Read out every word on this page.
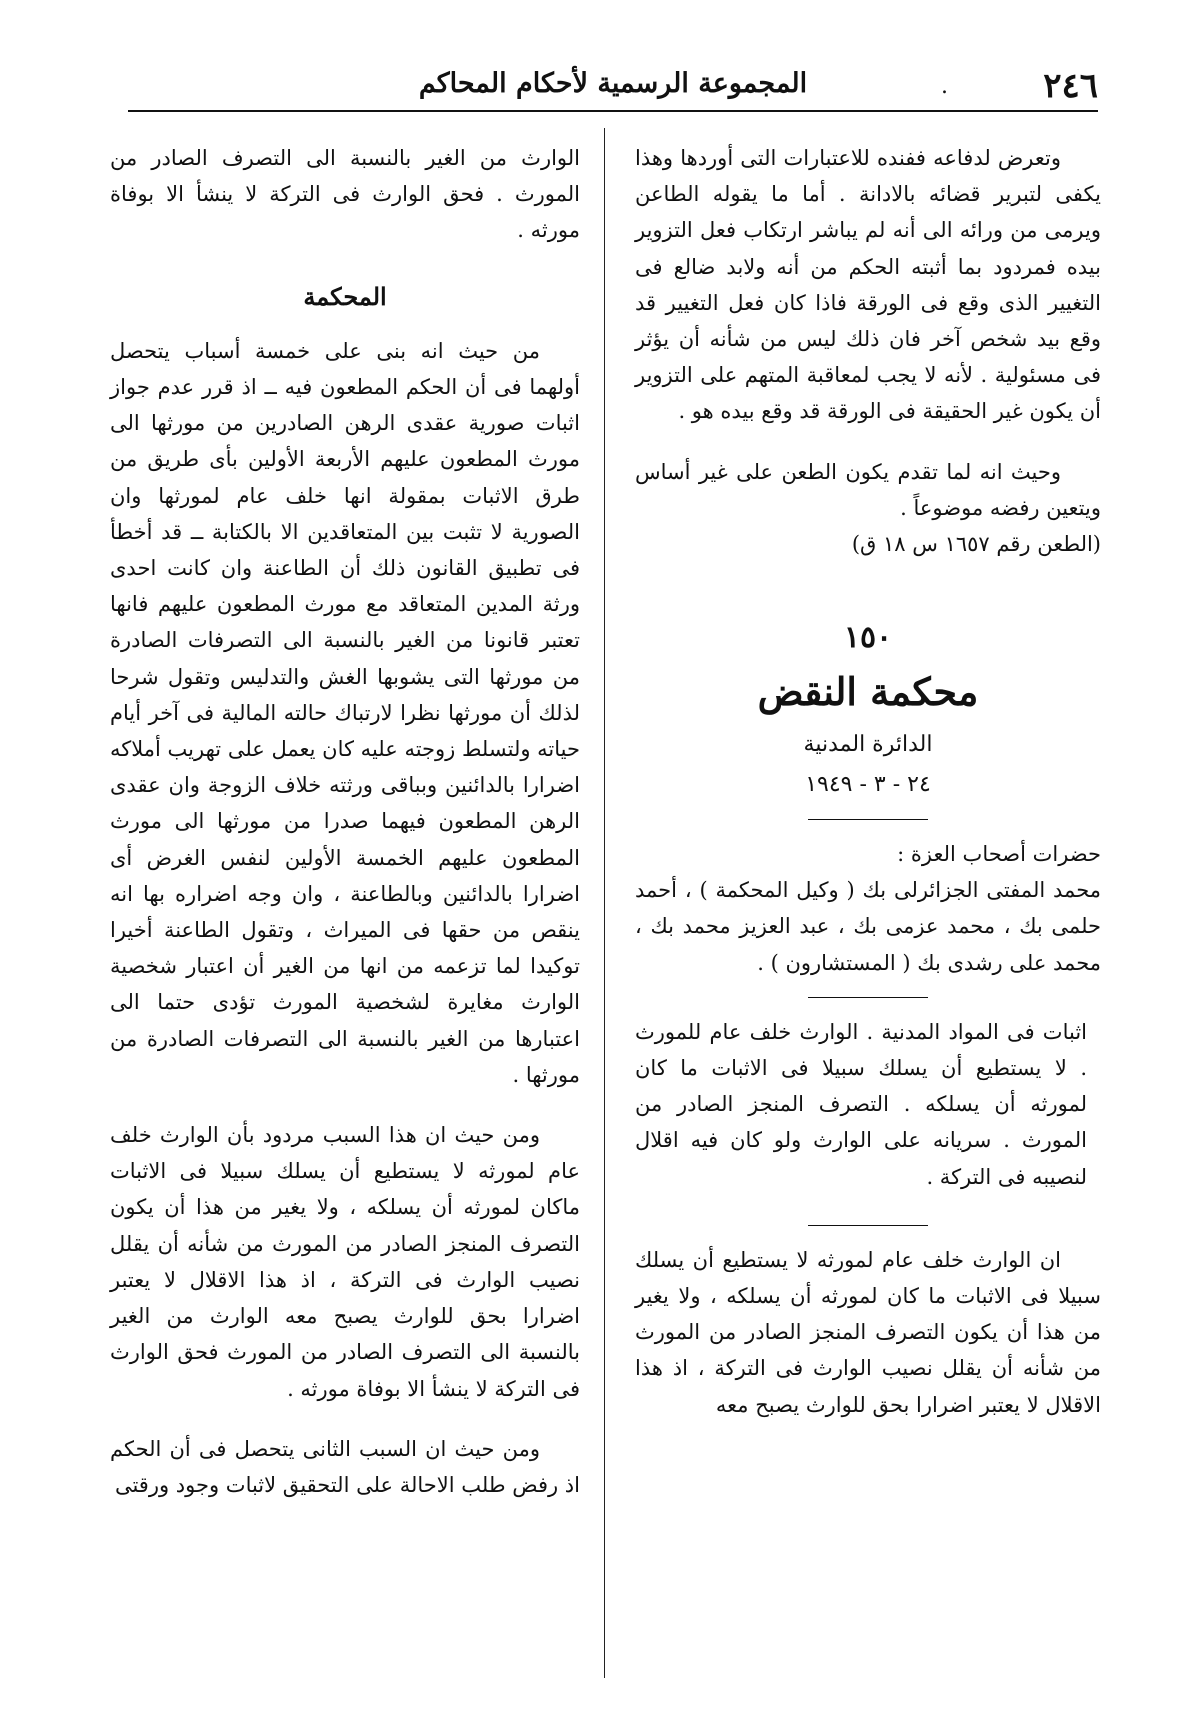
٢٤٦
.
المجموعة الرسمية لأحكام المحاكم

وتعرض لدفاعه ففنده للاعتبارات التى أوردها وهذا يكفى لتبرير قضائه بالادانة . أما ما يقوله الطاعن ويرمى من ورائه الى أنه لم يباشر ارتكاب فعل التزوير بيده فمردود بما أثبته الحكم من أنه ولابد ضالع فى التغيير الذى وقع فى الورقة فاذا كان فعل التغيير قد وقع بيد شخص آخر فان ذلك ليس من شأنه أن يؤثر فى مسئولية . لأنه لا يجب لمعاقبة المتهم على التزوير أن يكون غير الحقيقة فى الورقة قد وقع بيده هو .

وحيث انه لما تقدم يكون الطعن على غير أساس ويتعين رفضه موضوعاً .

(الطعن رقم ١٦٥٧ س ١٨ ق)

١٥٠
محكمة النقض
الدائرة المدنية
٢٤ - ٣ - ١٩٤٩

حضرات أصحاب العزة :

محمد المفتى الجزائرلى بك ( وكيل المحكمة ) ، أحمد حلمى بك ، محمد عزمى بك ، عبد العزيز محمد بك ، محمد على رشدى بك ( المستشارون ) .

اثبات فى المواد المدنية . الوارث خلف عام للمورث . لا يستطيع أن يسلك سبيلا فى الاثبات ما كان لمورثه أن يسلكه . التصرف المنجز الصادر من المورث . سريانه على الوارث ولو كان فيه اقلال لنصيبه فى التركة .

ان الوارث خلف عام لمورثه لا يستطيع أن يسلك سبيلا فى الاثبات ما كان لمورثه أن يسلكه ، ولا يغير من هذا أن يكون التصرف المنجز الصادر من المورث من شأنه أن يقلل نصيب الوارث فى التركة ، اذ هذا الاقلال لا يعتبر اضرارا بحق للوارث يصبح معه

الوارث من الغير بالنسبة الى التصرف الصادر من المورث . فحق الوارث فى التركة لا ينشأ الا بوفاة مورثه .

المحكمة

من حيث انه بنى على خمسة أسباب يتحصل أولهما فى أن الحكم المطعون فيه ــ اذ قرر عدم جواز اثبات صورية عقدى الرهن الصادرين من مورثها الى مورث المطعون عليهم الأربعة الأولين بأى طريق من طرق الاثبات بمقولة انها خلف عام لمورثها وان الصورية لا تثبت بين المتعاقدين الا بالكتابة ــ قد أخطأ فى تطبيق القانون ذلك أن الطاعنة وان كانت احدى ورثة المدين المتعاقد مع مورث المطعون عليهم فانها تعتبر قانونا من الغير بالنسبة الى التصرفات الصادرة من مورثها التى يشوبها الغش والتدليس وتقول شرحا لذلك أن مورثها نظرا لارتباك حالته المالية فى آخر أيام حياته ولتسلط زوجته عليه كان يعمل على تهريب أملاكه اضرارا بالدائنين وبباقى ورثته خلاف الزوجة وان عقدى الرهن المطعون فيهما صدرا من مورثها الى مورث المطعون عليهم الخمسة الأولين لنفس الغرض أى اضرارا بالدائنين وبالطاعنة ، وان وجه اضراره بها انه ينقص من حقها فى الميراث ، وتقول الطاعنة أخيرا توكيدا لما تزعمه من انها من الغير أن اعتبار شخصية الوارث مغايرة لشخصية المورث تؤدى حتما الى اعتبارها من الغير بالنسبة الى التصرفات الصادرة من مورثها .

ومن حيث ان هذا السبب مردود بأن الوارث خلف عام لمورثه لا يستطيع أن يسلك سبيلا فى الاثبات ماكان لمورثه أن يسلكه ، ولا يغير من هذا أن يكون التصرف المنجز الصادر من المورث من شأنه أن يقلل نصيب الوارث فى التركة ، اذ هذا الاقلال لا يعتبر اضرارا بحق للوارث يصبح معه الوارث من الغير بالنسبة الى التصرف الصادر من المورث فحق الوارث فى التركة لا ينشأ الا بوفاة مورثه .

ومن حيث ان السبب الثانى يتحصل فى أن الحكم اذ رفض طلب الاحالة على التحقيق لاثبات وجود ورقتى
